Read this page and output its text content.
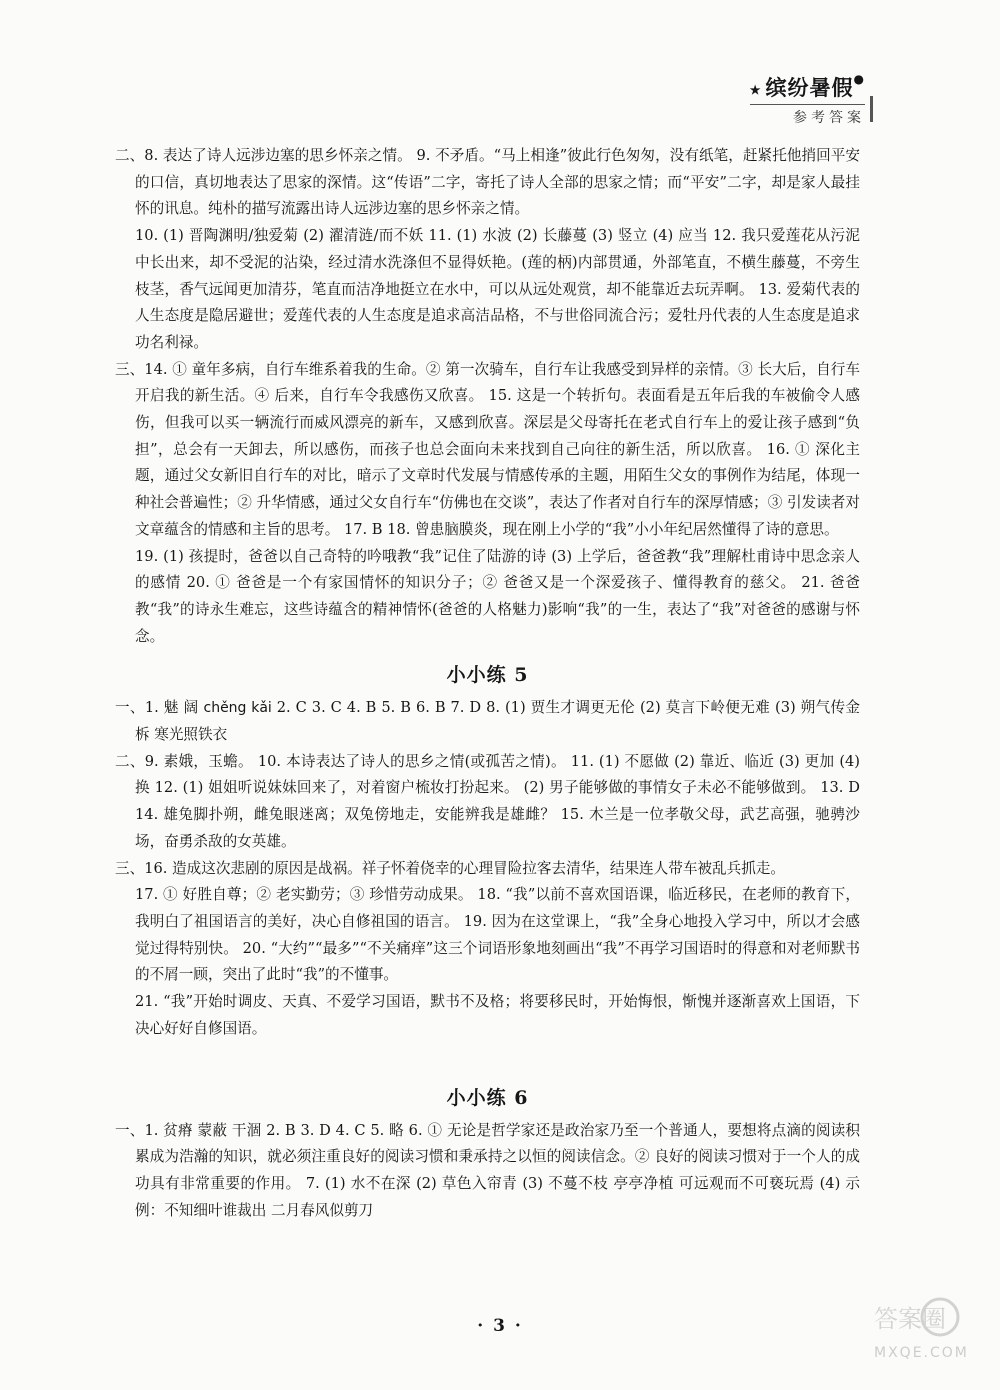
★ 缤纷暑假●
参考答案

二、8. 表达了诗人远涉边塞的思乡怀亲之情。 9. 不矛盾。“马上相逢”彼此行色匆匆，没有纸笔，赶紧托他捎回平安的口信，真切地表达了思家的深情。这“传语”二字，寄托了诗人全部的思家之情；而“平安”二字，却是家人最挂怀的讯息。纯朴的描写流露出诗人远涉边塞的思乡怀亲之情。

10. (1) 晋陶渊明/独爱菊 (2) 濯清涟/而不妖 11. (1) 水波 (2) 长藤蔓 (3) 竖立 (4) 应当 12. 我只爱莲花从污泥中长出来，却不受泥的沾染，经过清水洗涤但不显得妖艳。(莲的柄)内部贯通，外部笔直，不横生藤蔓，不旁生枝茎，香气远闻更加清芬，笔直而洁净地挺立在水中，可以从远处观赏，却不能靠近去玩弄啊。 13. 爱菊代表的人生态度是隐居避世；爱莲代表的人生态度是追求高洁品格，不与世俗同流合污；爱牡丹代表的人生态度是追求功名利禄。

三、14. ① 童年多病，自行车维系着我的生命。② 第一次骑车，自行车让我感受到异样的亲情。③ 长大后，自行车开启我的新生活。④ 后来，自行车令我感伤又欣喜。 15. 这是一个转折句。表面看是五年后我的车被偷令人感伤，但我可以买一辆流行而威风漂亮的新车，又感到欣喜。深层是父母寄托在老式自行车上的爱让孩子感到“负担”，总会有一天卸去，所以感伤，而孩子也总会面向未来找到自己向往的新生活，所以欣喜。 16. ① 深化主题，通过父女新旧自行车的对比，暗示了文章时代发展与情感传承的主题，用陌生父女的事例作为结尾，体现一种社会普遍性；② 升华情感，通过父女自行车“仿佛也在交谈”，表达了作者对自行车的深厚情感；③ 引发读者对文章蕴含的情感和主旨的思考。 17. B 18. 曾患脑膜炎，现在刚上小学的“我”小小年纪居然懂得了诗的意思。

19. (1) 孩提时，爸爸以自己奇特的吟哦教“我”记住了陆游的诗 (3) 上学后，爸爸教“我”理解杜甫诗中思念亲人的感情 20. ① 爸爸是一个有家国情怀的知识分子；② 爸爸又是一个深爱孩子、懂得教育的慈父。 21. 爸爸教“我”的诗永生难忘，这些诗蕴含的精神情怀(爸爸的人格魅力)影响“我”的一生，表达了“我”对爸爸的感谢与怀念。

小小练 5

一、1. 魅 阔 chěng kǎi 2. C 3. C 4. B 5. B 6. B 7. D 8. (1) 贾生才调更无伦 (2) 莫言下岭便无难 (3) 朔气传金柝 寒光照铁衣

二、9. 素娥，玉蟾。 10. 本诗表达了诗人的思乡之情(或孤苦之情)。 11. (1) 不愿做 (2) 靠近、临近 (3) 更加 (4) 换 12. (1) 姐姐听说妹妹回来了，对着窗户梳妆打扮起来。 (2) 男子能够做的事情女子未必不能够做到。 13. D 14. 雄兔脚扑朔，雌兔眼迷离；双兔傍地走，安能辨我是雄雌？ 15. 木兰是一位孝敬父母，武艺高强，驰骋沙场，奋勇杀敌的女英雄。

三、16. 造成这次悲剧的原因是战祸。祥子怀着侥幸的心理冒险拉客去清华，结果连人带车被乱兵抓走。

17. ① 好胜自尊；② 老实勤劳；③ 珍惜劳动成果。 18. “我”以前不喜欢国语课，临近移民，在老师的教育下，我明白了祖国语言的美好，决心自修祖国的语言。 19. 因为在这堂课上，“我”全身心地投入学习中，所以才会感觉过得特别快。 20. “大约”“最多”“不关痛痒”这三个词语形象地刻画出“我”不再学习国语时的得意和对老师默书的不屑一顾，突出了此时“我”的不懂事。

21. “我”开始时调皮、天真、不爱学习国语，默书不及格；将要移民时，开始悔恨，惭愧并逐渐喜欢上国语，下决心好好自修国语。

小小练 6

一、1. 贫瘠 蒙蔽 干涸 2. B 3. D 4. C 5. 略 6. ① 无论是哲学家还是政治家乃至一个普通人，要想将点滴的阅读积累成为浩瀚的知识，就必须注重良好的阅读习惯和秉承持之以恒的阅读信念。② 良好的阅读习惯对于一个人的成功具有非常重要的作用。 7. (1) 水不在深 (2) 草色入帘青 (3) 不蔓不枝 亭亭净植 可远观而不可亵玩焉 (4) 示例：不知细叶谁裁出 二月春风似剪刀

· 3 ·	答案圈
MXQE.COM
